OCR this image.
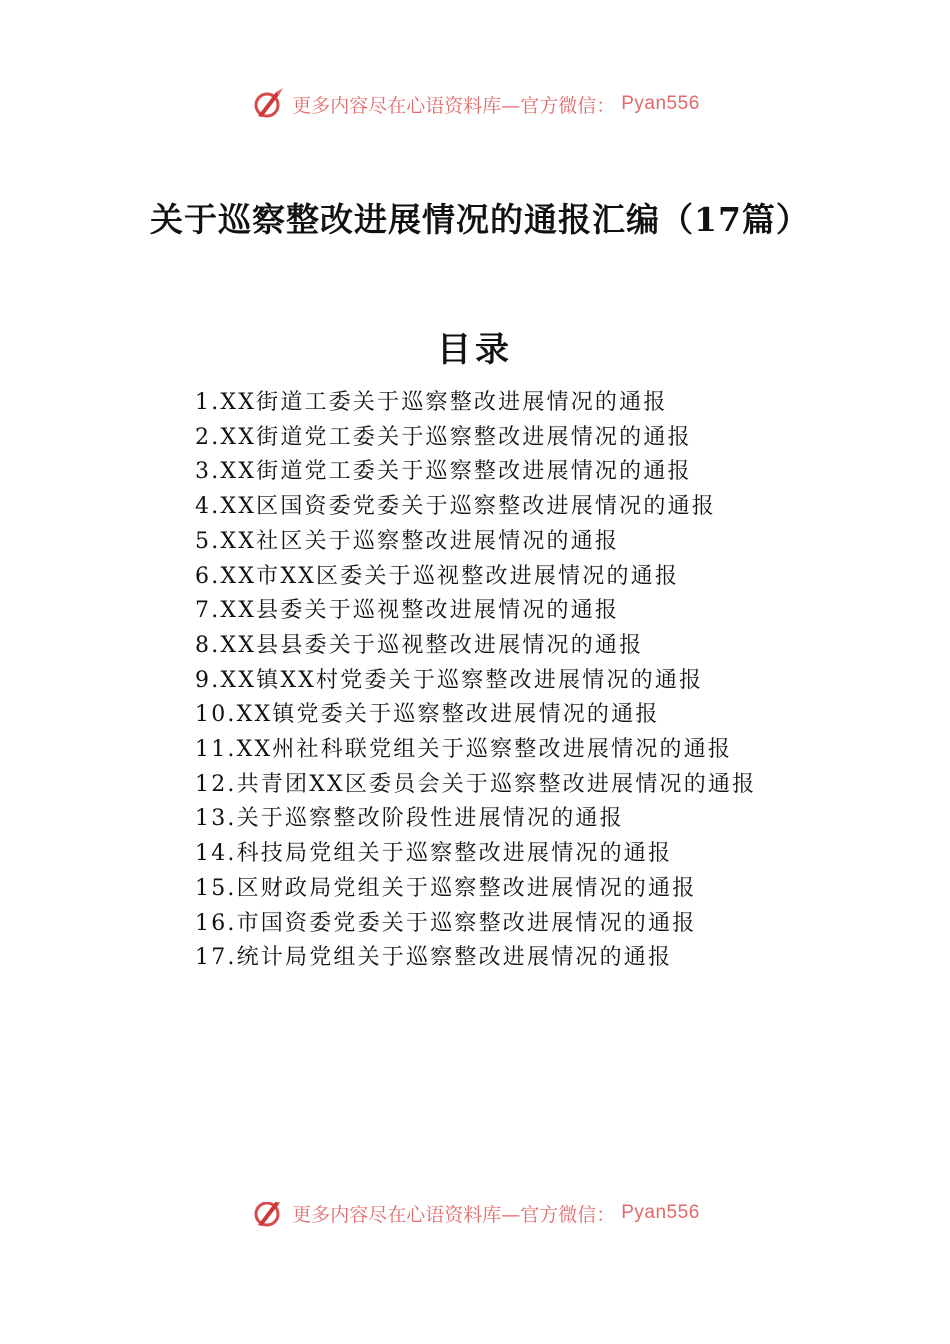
更多内容尽在心语资料库—官方微信： Pyan556
关于巡察整改进展情况的通报汇编（17篇）
目录
1.XX街道工委关于巡察整改进展情况的通报
2.XX街道党工委关于巡察整改进展情况的通报
3.XX街道党工委关于巡察整改进展情况的通报
4.XX区国资委党委关于巡察整改进展情况的通报
5.XX社区关于巡察整改进展情况的通报
6.XX市XX区委关于巡视整改进展情况的通报
7.XX县委关于巡视整改进展情况的通报
8.XX县县委关于巡视整改进展情况的通报
9.XX镇XX村党委关于巡察整改进展情况的通报
10.XX镇党委关于巡察整改进展情况的通报
11.XX州社科联党组关于巡察整改进展情况的通报
12.共青团XX区委员会关于巡察整改进展情况的通报
13.关于巡察整改阶段性进展情况的通报
14.科技局党组关于巡察整改进展情况的通报
15.区财政局党组关于巡察整改进展情况的通报
16.市国资委党委关于巡察整改进展情况的通报
17.统计局党组关于巡察整改进展情况的通报
更多内容尽在心语资料库—官方微信： Pyan556
